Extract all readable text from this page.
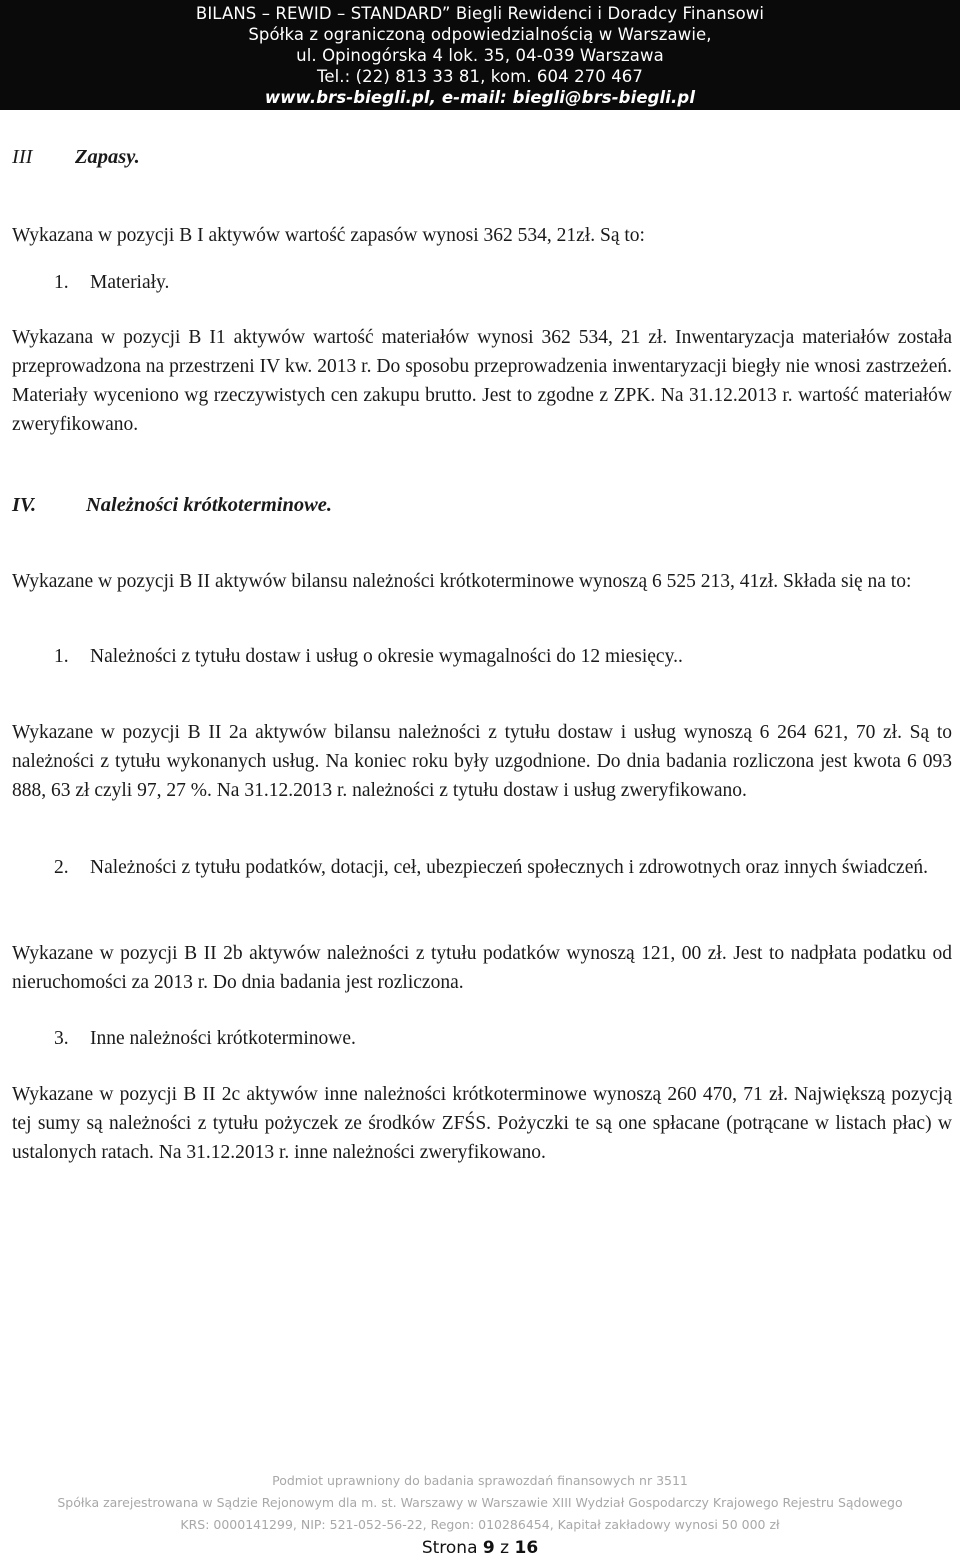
BILANS – REWID – STANDARD” Biegli Rewidenci i Doradcy Finansowi
Spółka z ograniczoną odpowiedzialnością w Warszawie,
ul. Opinogórska 4 lok. 35, 04-039 Warszawa
Tel.: (22) 813 33 81, kom. 604 270 467
www.brs-biegli.pl, e-mail: biegli@brs-biegli.pl
III Zapasy.
Wykazana w pozycji B I aktywów wartość zapasów wynosi 362 534, 21zł. Są to:
1. Materiały.
Wykazana w pozycji B I1 aktywów wartość materiałów wynosi 362 534, 21 zł. Inwentaryzacja materiałów została przeprowadzona na przestrzeni IV kw. 2013 r. Do sposobu przeprowadzenia inwentaryzacji biegły nie wnosi zastrzeżeń. Materiały wyceniono wg rzeczywistych cen zakupu brutto. Jest to zgodne z ZPK. Na 31.12.2013 r. wartość materiałów zweryfikowano.
IV. Należności krótkoterminowe.
Wykazane w pozycji B II aktywów bilansu należności krótkoterminowe wynoszą 6 525 213, 41zł. Składa się na to:
1. Należności z tytułu dostaw i usług o okresie wymagalności do 12 miesięcy..
Wykazane w pozycji B II 2a aktywów bilansu należności z tytułu dostaw i usług wynoszą 6 264 621, 70 zł. Są to należności z tytułu wykonanych usług. Na koniec roku były uzgodnione. Do dnia badania rozliczona jest kwota 6 093 888, 63 zł czyli 97, 27 %. Na 31.12.2013 r. należności z tytułu dostaw i usług zweryfikowano.
2. Należności z tytułu podatków, dotacji, ceł, ubezpieczeń społecznych i zdrowotnych oraz innych świadczeń.
Wykazane w pozycji B II 2b aktywów należności z tytułu podatków wynoszą 121, 00 zł. Jest to nadpłata podatku od nieruchomości za 2013 r. Do dnia badania jest rozliczona.
3. Inne należności krótkoterminowe.
Wykazane w pozycji B II 2c aktywów inne należności krótkoterminowe wynoszą 260 470, 71 zł. Największą pozycją tej sumy są należności z tytułu pożyczek ze środków ZFŚS. Pożyczki te są one spłacane (potrącane w listach płac) w ustalonych ratach. Na 31.12.2013 r. inne należności zweryfikowano.
Podmiot uprawniony do badania sprawozdań finansowych nr 3511
Spółka zarejestrowana w Sądzie Rejonowym dla m. st. Warszawy w Warszawie XIII Wydział Gospodarczy Krajowego Rejestru Sądowego
KRS: 0000141299, NIP: 521-052-56-22, Regon: 010286454, Kapitał zakładowy wynosi 50 000 zł
Strona 9 z 16
